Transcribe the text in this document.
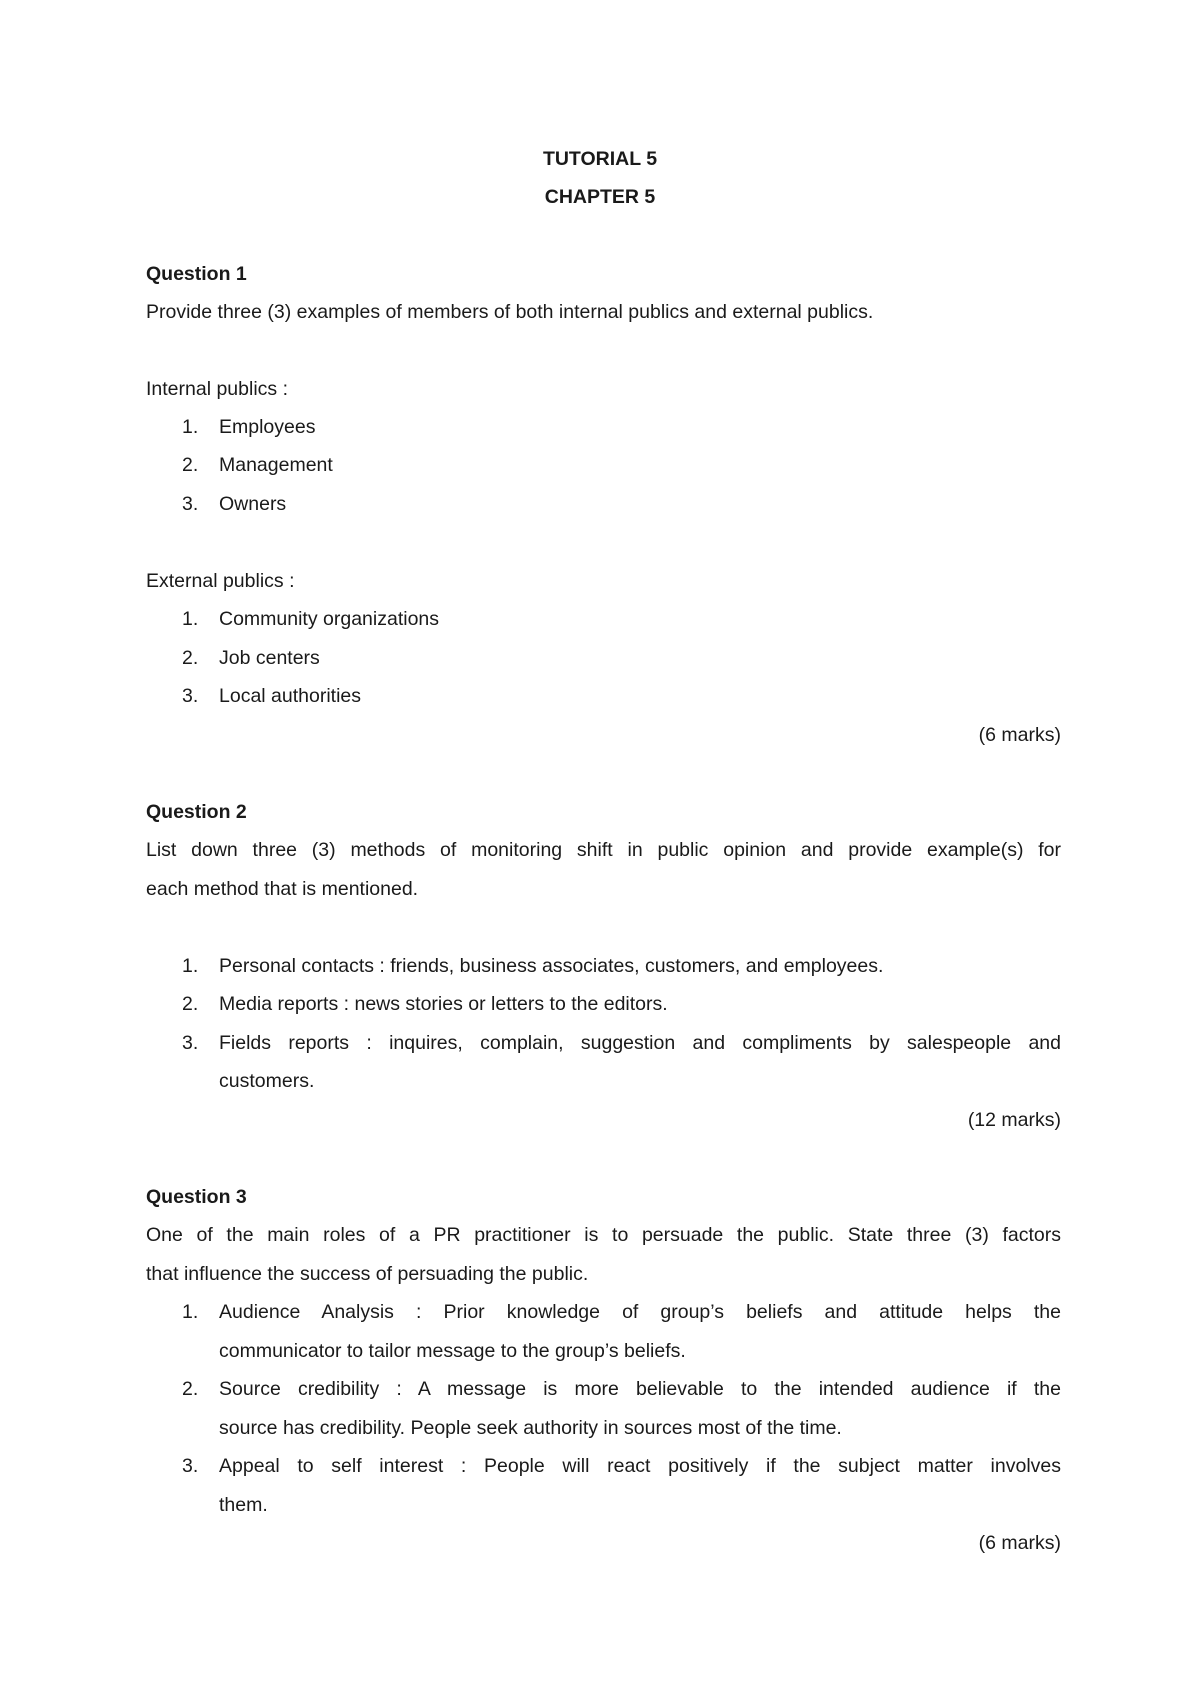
TUTORIAL 5
CHAPTER 5
Question 1
Provide three (3) examples of members of both internal publics and external publics.
Internal publics :
1. Employees
2. Management
3. Owners
External publics :
1. Community organizations
2. Job centers
3. Local authorities
(6 marks)
Question 2
List down three (3) methods of monitoring shift in public opinion and provide example(s) for
each method that is mentioned.
1. Personal contacts : friends, business associates, customers, and employees.
2. Media reports : news stories or letters to the editors.
3. Fields reports : inquires, complain, suggestion and compliments by salespeople and
customers.
(12 marks)
Question 3
One of the main roles of a PR practitioner is to persuade the public. State three (3) factors
that influence the success of persuading the public.
1. Audience Analysis : Prior knowledge of group’s beliefs and attitude helps the
communicator to tailor message to the group’s beliefs.
2. Source credibility : A message is more believable to the intended audience if the
source has credibility. People seek authority in sources most of the time.
3. Appeal to self interest : People will react positively if the subject matter involves
them.
(6 marks)
